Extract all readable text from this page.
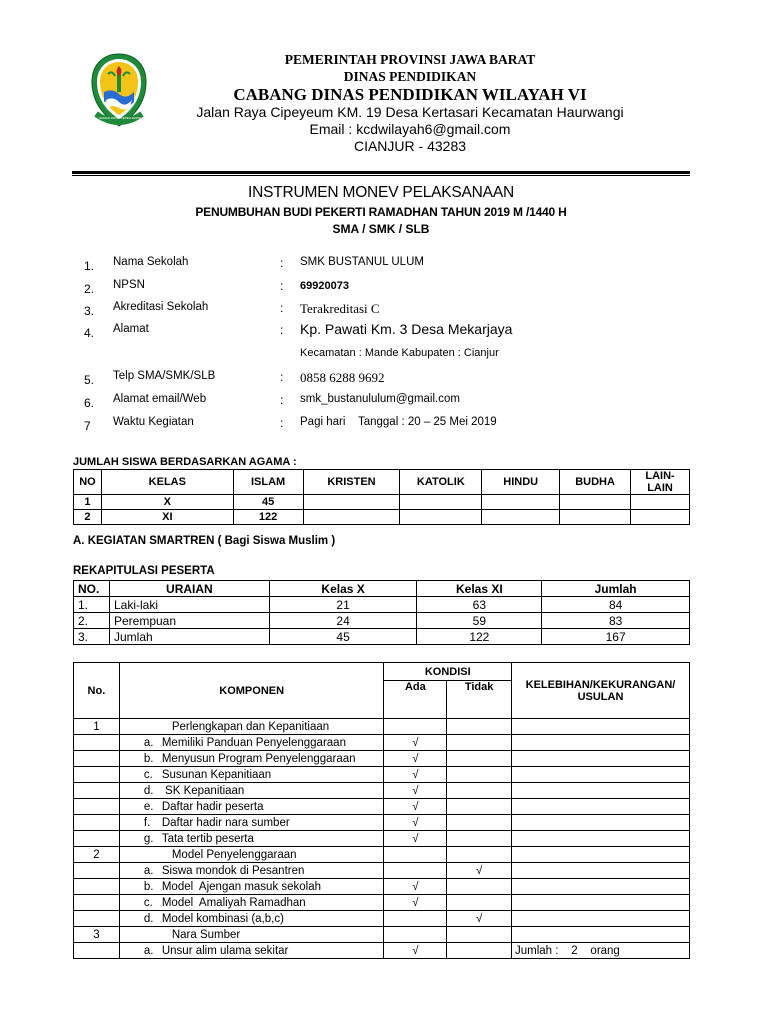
GEMAH RIPAH REPEH RAPIH
PEMERINTAH PROVINSI JAWA BARAT
DINAS PENDIDIKAN
CABANG DINAS PENDIDIKAN WILAYAH VI
Jalan Raya Cipeyeum KM. 19 Desa Kertasari Kecamatan Haurwangi
Email : kcdwilayah6@gmail.com
CIANJUR - 43283
INSTRUMEN MONEV PELAKSANAAN
PENUMBUHAN BUDI PEKERTI RAMADHAN TAHUN 2019 M /1440 H
SMA / SMK / SLB
1. Nama Sekolah	: SMK BUSTANUL ULUM
2. NPSN	: 69920073
3. Akreditasi Sekolah	: Terakreditasi C
4. Alamat	: Kp. Pawati Km. 3 Desa Mekarjaya
Kecamatan : Mande Kabupaten : Cianjur
5. Telp SMA/SMK/SLB	: 0858 6288 9692
6. Alamat email/Web	: smk_bustanululum@gmail.com
7 Waktu Kegiatan	: Pagi hari    Tanggal : 20 – 25 Mei 2019
JUMLAH SISWA BERDASARKAN AGAMA :
NO	KELAS	ISLAM	KRISTEN	KATOLIK	HINDU	BUDHA	LAIN-LAIN
1	X	45					
2	XI	122					
A. KEGIATAN SMARTREN ( Bagi Siswa Muslim )
REKAPITULASI PESERTA
NO.	URAIAN	Kelas X	Kelas XI	Jumlah
1.	Laki-laki	21	63	84
2.	Perempuan	24	59	83
3.	Jumlah	45	122	167
No.	KOMPONEN	KONDISI		KELEBIHAN/KEKURANGAN/ USULAN
		Ada	Tidak	
1	Perlengkapan dan Kepanitiaan			
	a. Memiliki Panduan Penyelenggaraan	√		
	b. Menyusun Program Penyelenggaraan	√		
	c. Susunan Kepanitiaan	√		
	d. SK Kepanitiaan	√		
	e. Daftar hadir peserta	√		
	f. Daftar hadir nara sumber	√		
	g. Tata tertib peserta	√		
2	Model Penyelenggaraan			
	a. Siswa mondok di Pesantren		√	
	b. Model  Ajengan masuk sekolah	√		
	c. Model  Amaliyah Ramadhan	√		
	d. Model kombinasi (a,b,c)		√	
3	Nara Sumber			
	a. Unsur alim ulama sekitar	√		Jumlah :    2    orang
